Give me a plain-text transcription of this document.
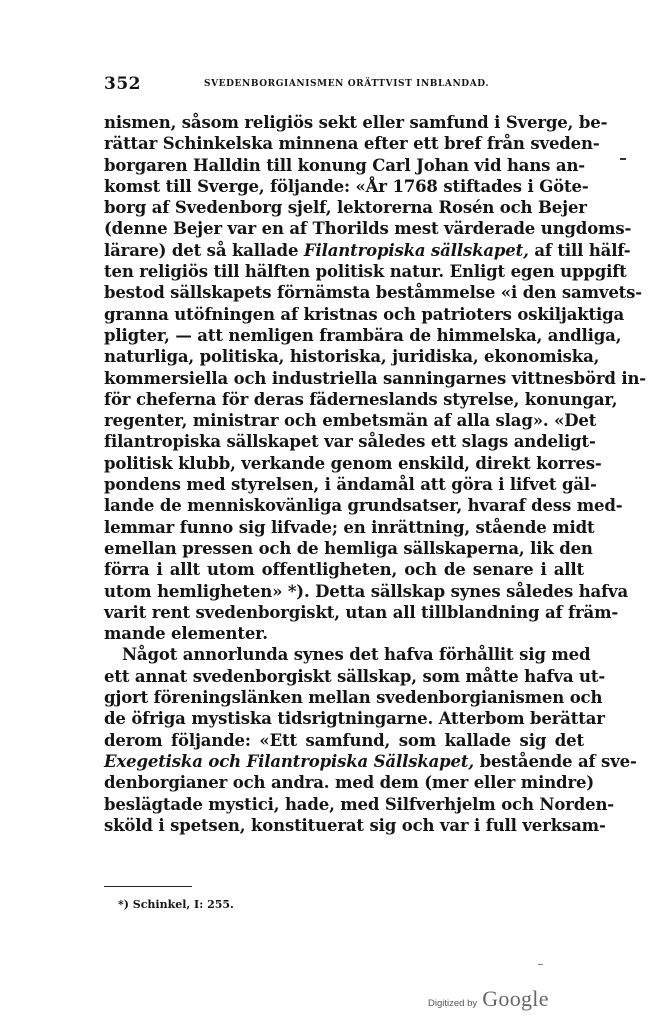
352	SVEDENBORGIANISMEN ORÄTTVIST INBLANDAD.
nismen, såsom religiös sekt eller samfund i Sverge, be-
rättar Schinkelska minnena efter ett bref från sveden-
borgaren Halldin till konung Carl Johan vid hans an-
komst till Sverge, följande: «År 1768 stiftades i Göte-
borg af Svedenborg sjelf, lektorerna Rosén och Bejer
(denne Bejer var en af Thorilds mest värderade ungdoms-
lärare) det så kallade Filantropiska sällskapet, af till hälf-
ten religiös till hälften politisk natur. Enligt egen uppgift
bestod sällskapets förnämsta beståmmelse «i den samvets-
granna utöfningen af kristnas och patrioters oskiljaktiga
pligter, — att nemligen frambära de himmelska, andliga,
naturliga, politiska, historiska, juridiska, ekonomiska,
kommersiella och industriella sanningarnes vittnesbörd in-
för cheferna för deras fäderneslands styrelse, konungar,
regenter, ministrar och embetsmän af alla slag». «Det
filantropiska sällskapet var således ett slags andeligt-
politisk klubb, verkande genom enskild, direkt korres-
pondens med styrelsen, i ändamål att göra i lifvet gäl-
lande de menniskovänliga grundsatser, hvaraf dess med-
lemmar funno sig lifvade; en inrättning, stående midt
emellan pressen och de hemliga sällskaperna, lik den
förra i allt utom offentligheten, och de senare i allt
utom hemligheten» *). Detta sällskap synes således hafva
varit rent svedenborgiskt, utan all tillblandning af främ-
mande elementer.
Något annorlunda synes det hafva förhållit sig med
ett annat svedenborgiskt sällskap, som måtte hafva ut-
gjort föreningslänken mellan svedenborgianismen och
de öfriga mystiska tidsrigtningarne. Atterbom berättar
derom följande: «Ett samfund, som kallade sig det
Exegetiska och Filantropiska Sällskapet, bestående af sve-
denborgianer och andra. med dem (mer eller mindre)
beslägtade mystici, hade, med Silfverhjelm och Norden-
sköld i spetsen, konstituerat sig och var i full verksam-
*) Schinkel, I: 255.
Digitized by Google
